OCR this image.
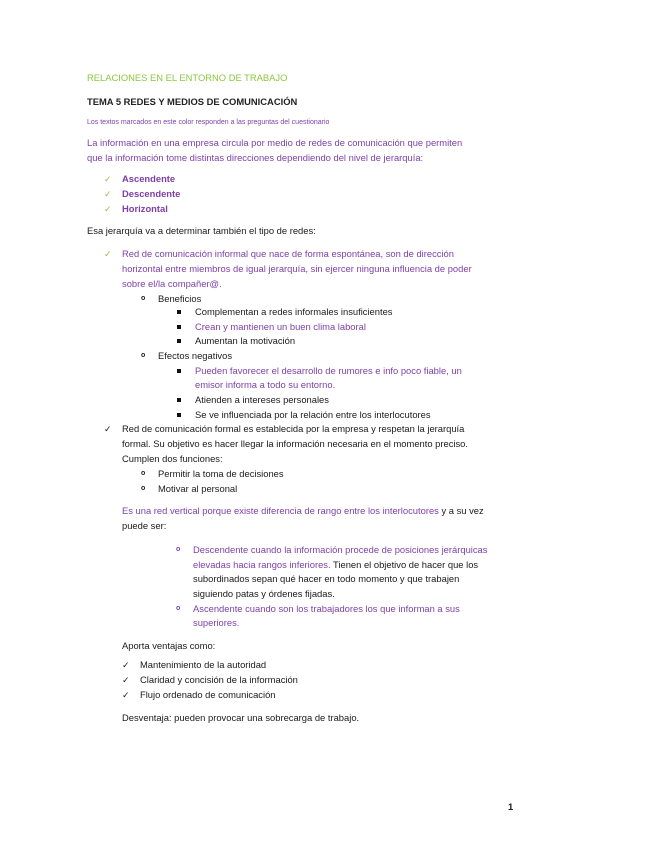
RELACIONES EN EL ENTORNO DE TRABAJO
TEMA 5 REDES Y MEDIOS DE COMUNICACIÓN
Los textos marcados en este color responden a las preguntas del cuestionario
La información en una empresa circula por medio de redes de comunicación que permiten
que la información tome distintas direcciones dependiendo del nivel de jerarquía:
✓ Ascendente
✓ Descendente
✓ Horizontal
Esa jerarquía va a determinar también el tipo de redes:
✓ Red de comunicación informal que nace de forma espontánea, son de dirección
horizontal entre miembros de igual jerarquía, sin ejercer ninguna influencia de poder
sobre el/la compañer@.
o Beneficios
Complementan a redes informales insuficientes
Crean y mantienen un buen clima laboral
Aumentan la motivación
o Efectos negativos
Pueden favorecer el desarrollo de rumores e info poco fiable, un
emisor informa a todo su entorno.
Atienden a intereses personales
Se ve influenciada por la relación entre los interlocutores
✓ Red de comunicación formal es establecida por la empresa y respetan la jerarquía
formal. Su objetivo es hacer llegar la información necesaria en el momento preciso.
Cumplen dos funciones:
o Permitir la toma de decisiones
o Motivar al personal
Es una red vertical porque existe diferencia de rango entre los interlocutores y a su vez
puede ser:
o Descendente cuando la información procede de posiciones jerárquicas
elevadas hacia rangos inferiores. Tienen el objetivo de hacer que los
subordinados sepan qué hacer en todo momento y que trabajen
siguiendo patas y órdenes fijadas.
o Ascendente cuando son los trabajadores los que informan a sus
superiores.
Aporta ventajas como:
✓ Mantenimiento de la autoridad
✓ Claridad y concisión de la información
✓ Flujo ordenado de comunicación
Desventaja: pueden provocar una sobrecarga de trabajo.
1
